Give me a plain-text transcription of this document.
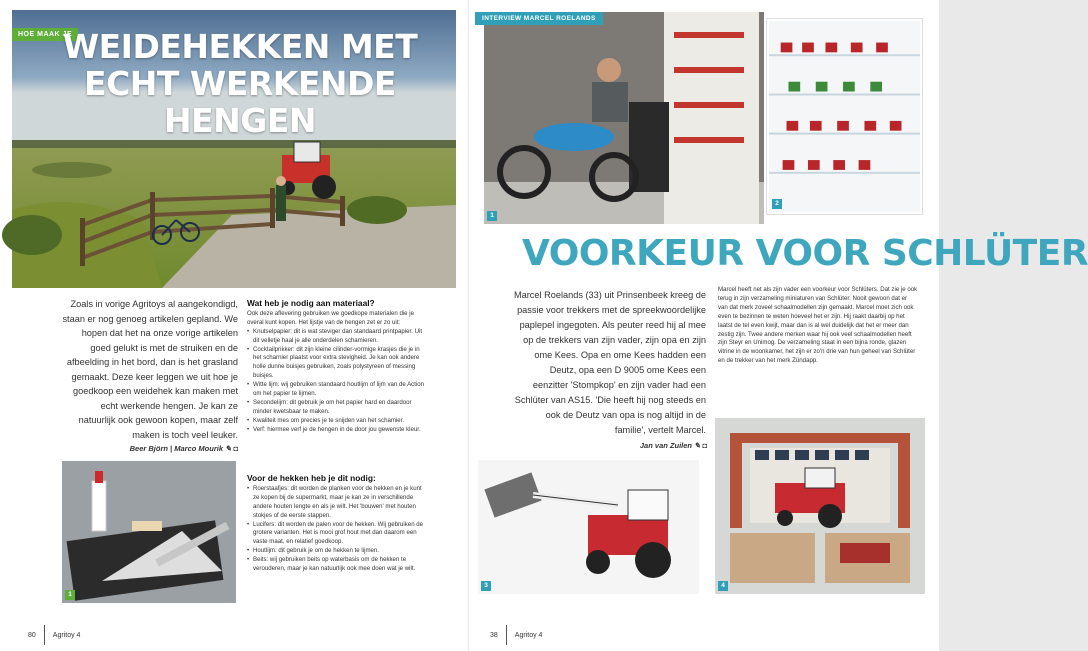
HOE MAAK JE
WEIDEHEKKEN MET
ECHT WERKENDE HENGEN

Zoals in vorige Agritoys al aangekondigd, staan er nog genoeg artikelen gepland. We hopen dat het na onze vorige artikelen goed gelukt is met de struiken en de afbeelding in het bord, dan is het grasland gemaakt. Deze keer leggen we uit hoe je goedkoop een weidehek kan maken met echt werkende hengen. Je kan ze natuurlijk ook gewoon kopen, maar zelf maken is toch veel leuker.

Beer Björn | Marco Mourik ✎ ◘
Wat heb je nodig aan materiaal?

Ook deze aflevering gebruiken we goedkope materialen die je overal kunt kopen. Het lijstje van de hengen zet er zo uit:

• Knutselpapier: dit is wat steviger dan standaard printpapier. Uit dit velletje haal je alle onderdelen schamieren.
• Cocktailprikker: dit zijn kleine cilinder-vormige krasjes die je in het scharnier plaatst voor extra stevigheid. Je kan ook andere holle dunne buisjes gebruiken, zoals polystyreen of messing buisjes.
• Witte lijm: wij gebruiken standaard houtlijm of lijm van de Action om het papier te lijmen.
• Secondelijm: dit gebruik je om het papier hard en daardoor minder kwetsbaar te maken.
• Kwaliteit mes om precies je te snijden van het schamier.
• Verf: hiermee verf je de hengen in de door jou gewenste kleur.
Voor de hekken heb je dit nodig:
• Roerstaafjes: dit worden de planken voor de hekken en je kunt ze kopen bij de supermarkt, maar je kan ze in verschillende andere houten lengte en als je wilt. Het 'bouwen' met houten stokjes of de eerste stappen.
• Lucifers: dit worden de palen voor de hekken. Wij gebruiken de grotere varianten. Het is mooi grof hout met dan daarom een vaste maat, en relatief goedkoop.
• Houtlijm: dit gebruik je om de hekken te lijmen.
• Beits: wij gebruiken beits op waterbasis om de hekken te verouderen, maar je kan natuurlijk ook mee doen wat je wilt.
1
80 Agritoy 4
INTERVIEW MARCEL ROELANDS
1
2
VOORKEUR VOOR SCHLÜTER

Marcel Roelands (33) uit Prinsenbeek kreeg de passie voor trekkers met de spreekwoordelijke paplepel ingegoten. Als peuter reed hij al mee op de trekkers van zijn vader, zijn opa en zijn ome Kees. Opa en ome Kees hadden een Deutz, opa een D 9005 ome Kees een eenzitter 'Stompkop' en zijn vader had een Schlüter van AS15. 'Die heeft hij nog steeds en ook de Deutz van opa is nog altijd in de familie', vertelt Marcel.

Marcel heeft net als zijn vader een voorkeur voor Schlüters. Dat zie je ook terug in zijn verzameling miniaturen van Schlüter. Nooit gewoon dat er van dat merk zoveel schaalmodellen zijn gemaakt. Marcel moet zich ook even te bezinnen te weten hoeveel het er zijn. Hij raakt daarbij op het laatst de tel even kwijt, maar dan is al wel duidelijk dat het er meer dan zestig zijn. Twee andere merken waar hij ook veel schaalmodellen heeft zijn Steyr en Unimog. De verzameling staat in een bijna ronde, glazen vitrine in de woonkamer, het zijn er zo'n drie van hun geheel van Schlüter en de trekker van het merk Zündapp.

Jan van Zuilen ✎ ◘
3	4
38 Agritoy 4
